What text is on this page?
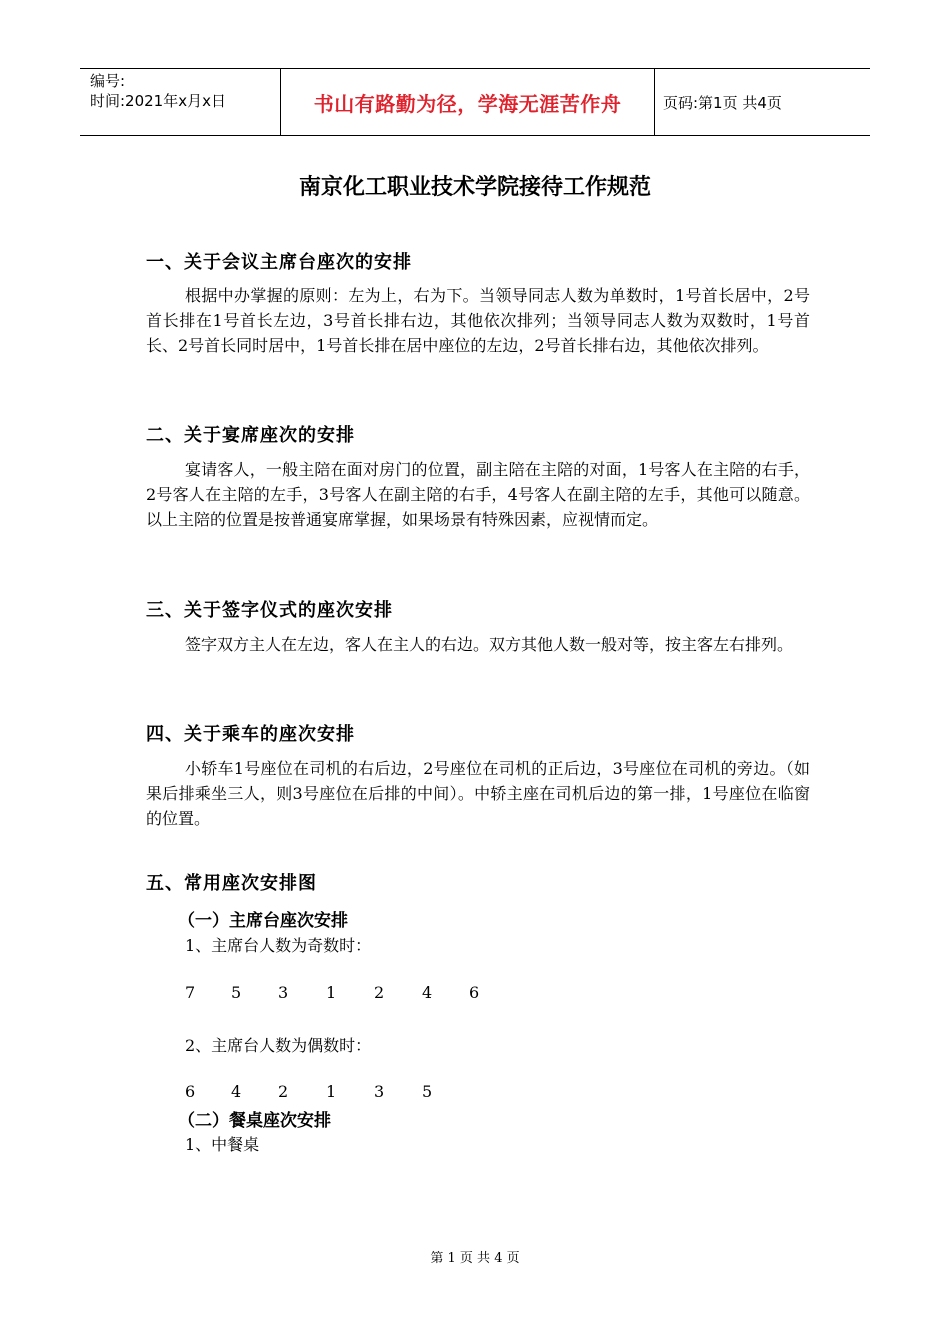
编号:
时间:2021年x月x日	书山有路勤为径，学海无涯苦作舟	页码:第1页 共4页
南京化工职业技术学院接待工作规范
一、关于会议主席台座次的安排
根据中办掌握的原则：左为上，右为下。当领导同志人数为单数时，1号首长居中，2号首长排在1号首长左边，3号首长排右边，其他依次排列；当领导同志人数为双数时，1号首长、2号首长同时居中，1号首长排在居中座位的左边，2号首长排右边，其他依次排列。
二、关于宴席座次的安排
宴请客人，一般主陪在面对房门的位置，副主陪在主陪的对面，1号客人在主陪的右手，2号客人在主陪的左手，3号客人在副主陪的右手，4号客人在副主陪的左手，其他可以随意。以上主陪的位置是按普通宴席掌握，如果场景有特殊因素，应视情而定。
三、关于签字仪式的座次安排
签字双方主人在左边，客人在主人的右边。双方其他人数一般对等，按主客左右排列。
四、关于乘车的座次安排
小轿车1号座位在司机的右后边，2号座位在司机的正后边，3号座位在司机的旁边。（如果后排乘坐三人，则3号座位在后排的中间）。中轿主座在司机后边的第一排，1号座位在临窗的位置。
五、常用座次安排图
（一）主席台座次安排
1、主席台人数为奇数时：
7 5 3 1 2 4 6
2、主席台人数为偶数时：
6 4 2 1 3 5
（二）餐桌座次安排
1、中餐桌
第 1 页 共 4 页
